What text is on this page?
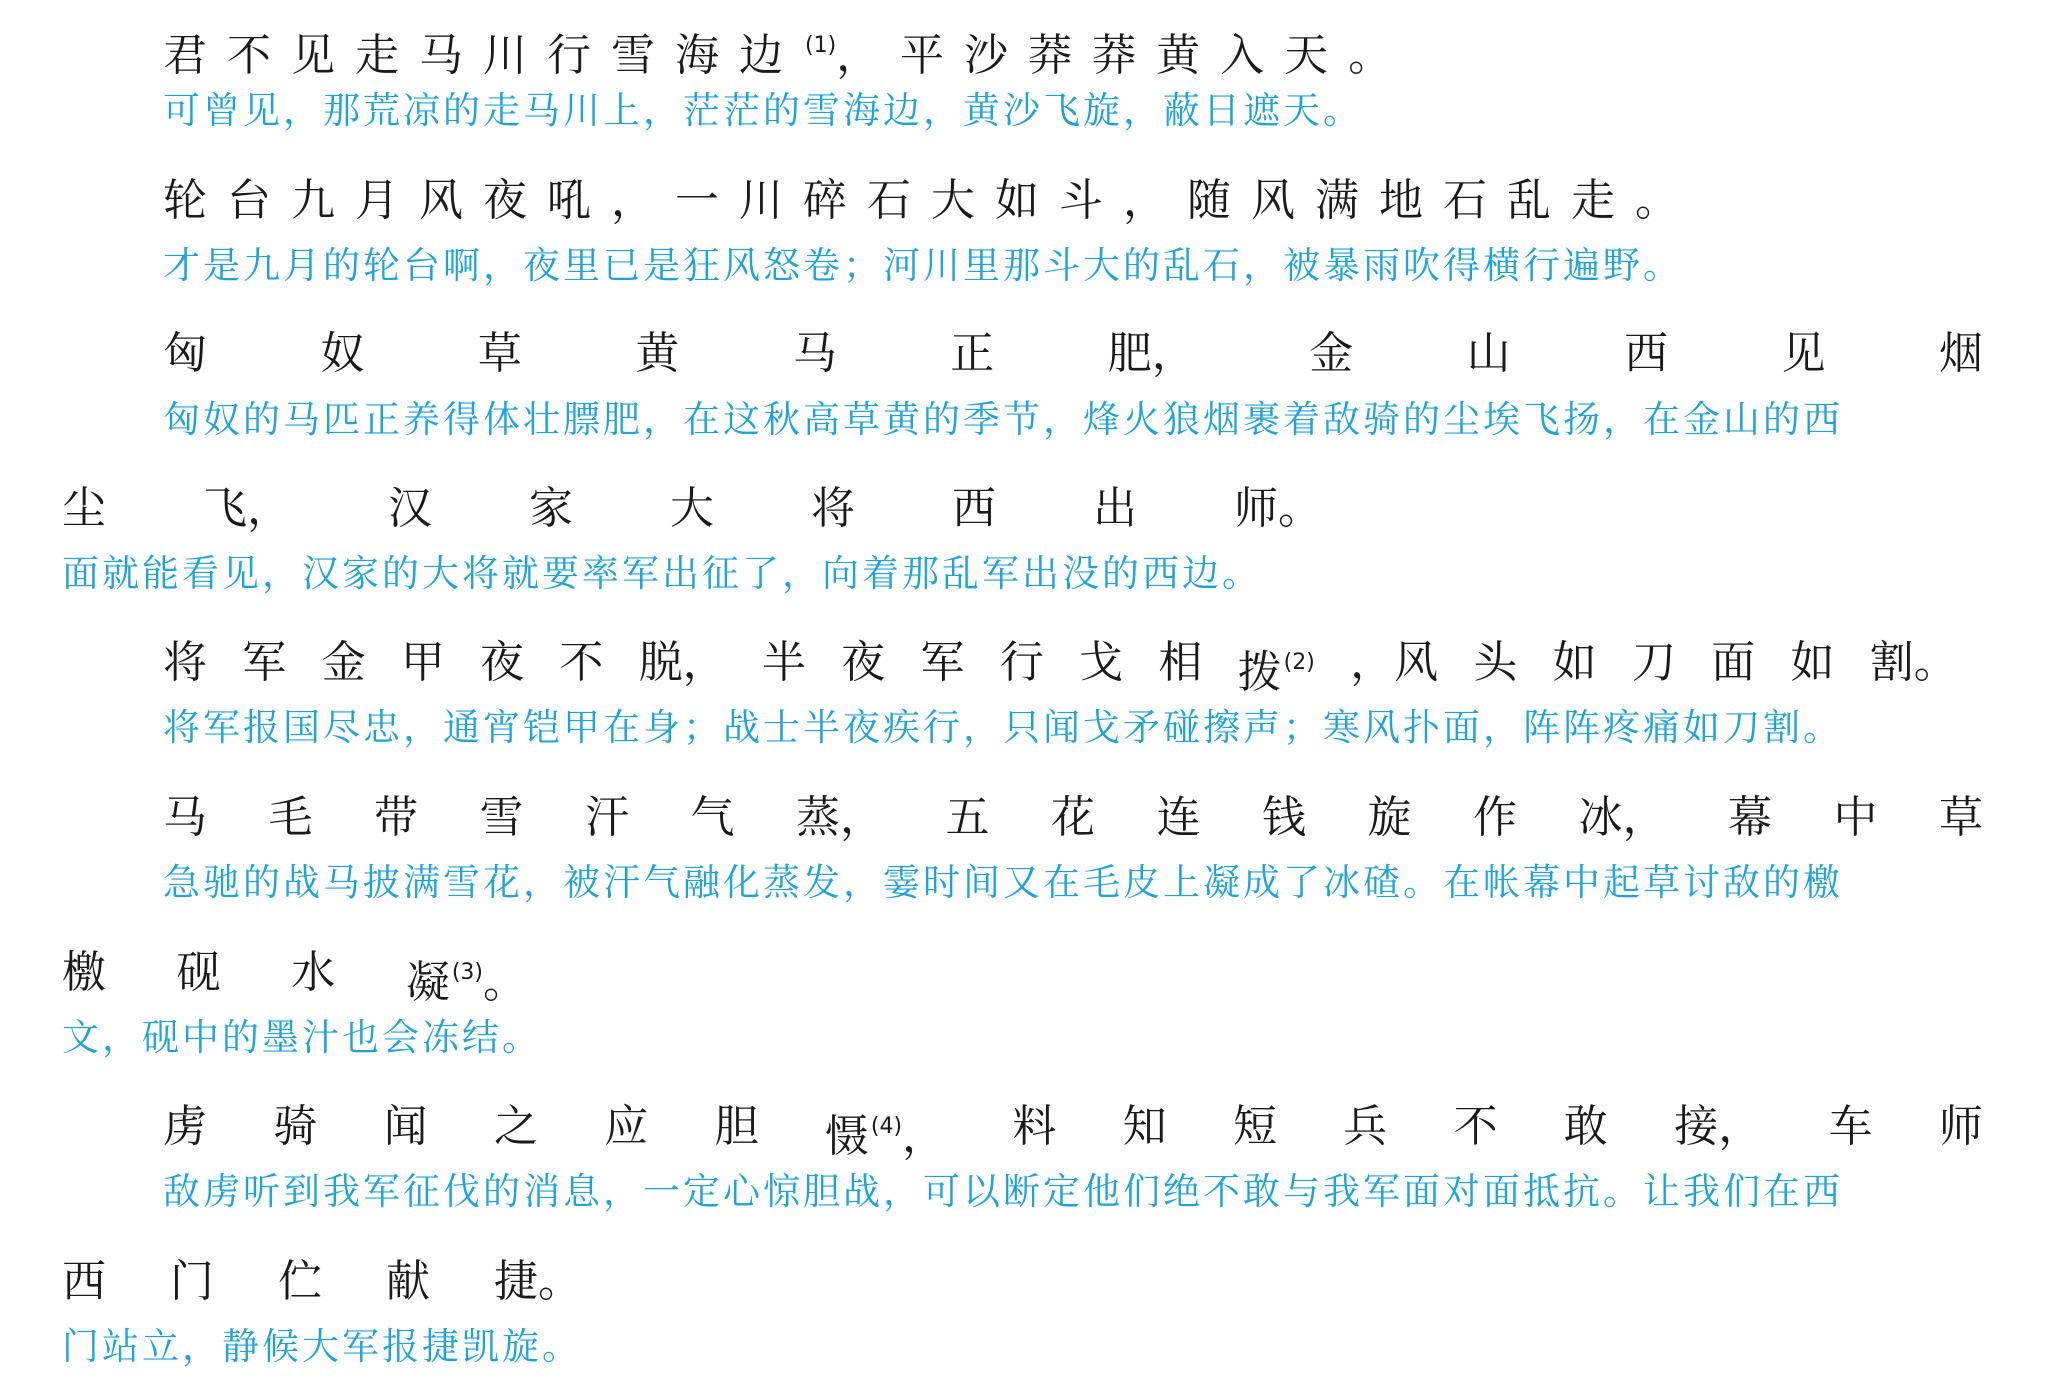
君不见走马川行雪海边$^{(1)}$，平沙莽莽黄入天。
可曾见，那荒凉的走马川上，茫茫的雪海边，黄沙飞旋，蔽日遮天。
轮台九月风夜吼，一川碎石大如斗，随风满地石乱走。
才是九月的轮台啊，夜里已是狂风怒卷；河川里那斗大的乱石，被暴雨吹得横行遍野。
匈	奴	草	黄	马	正	肥，	金	山	西	见	烟
匈奴的马匹正养得体壮膘肥，在这秋高草黄的季节，烽火狼烟裹着敌骑的尘埃飞扬，在金山的西
尘 飞， 汉 家 大 将 西 出 师。
面就能看见，汉家的大将就要率军出征了，向着那乱军出没的西边。
将 军 金 甲 夜 不 脱， 半 夜 军 行 戈 相 拨$^{(2)}$ ，风 头 如 刀 面 如 割。
将军报国尽忠，通宵铠甲在身；战士半夜疾行，只闻戈矛碰擦声；寒风扑面，阵阵疼痛如刀割。
马 毛 带 雪 汗 气 蒸， 五 花 连 钱 旋 作 冰， 幕 中 草
急驰的战马披满雪花，被汗气融化蒸发，霎时间又在毛皮上凝成了冰碴。在帐幕中起草讨敌的檄
檄 砚 水 凝$^{(3)}$。
文，砚中的墨汁也会冻结。
虏 骑 闻 之 应 胆 慑$^{(4)}$， 料 知 短 兵 不 敢 接， 车 师
敌虏听到我军征伐的消息，一定心惊胆战，可以断定他们绝不敢与我军面对面抵抗。让我们在西
西 门 伫 献 捷。
门站立，静候大军报捷凯旋。
